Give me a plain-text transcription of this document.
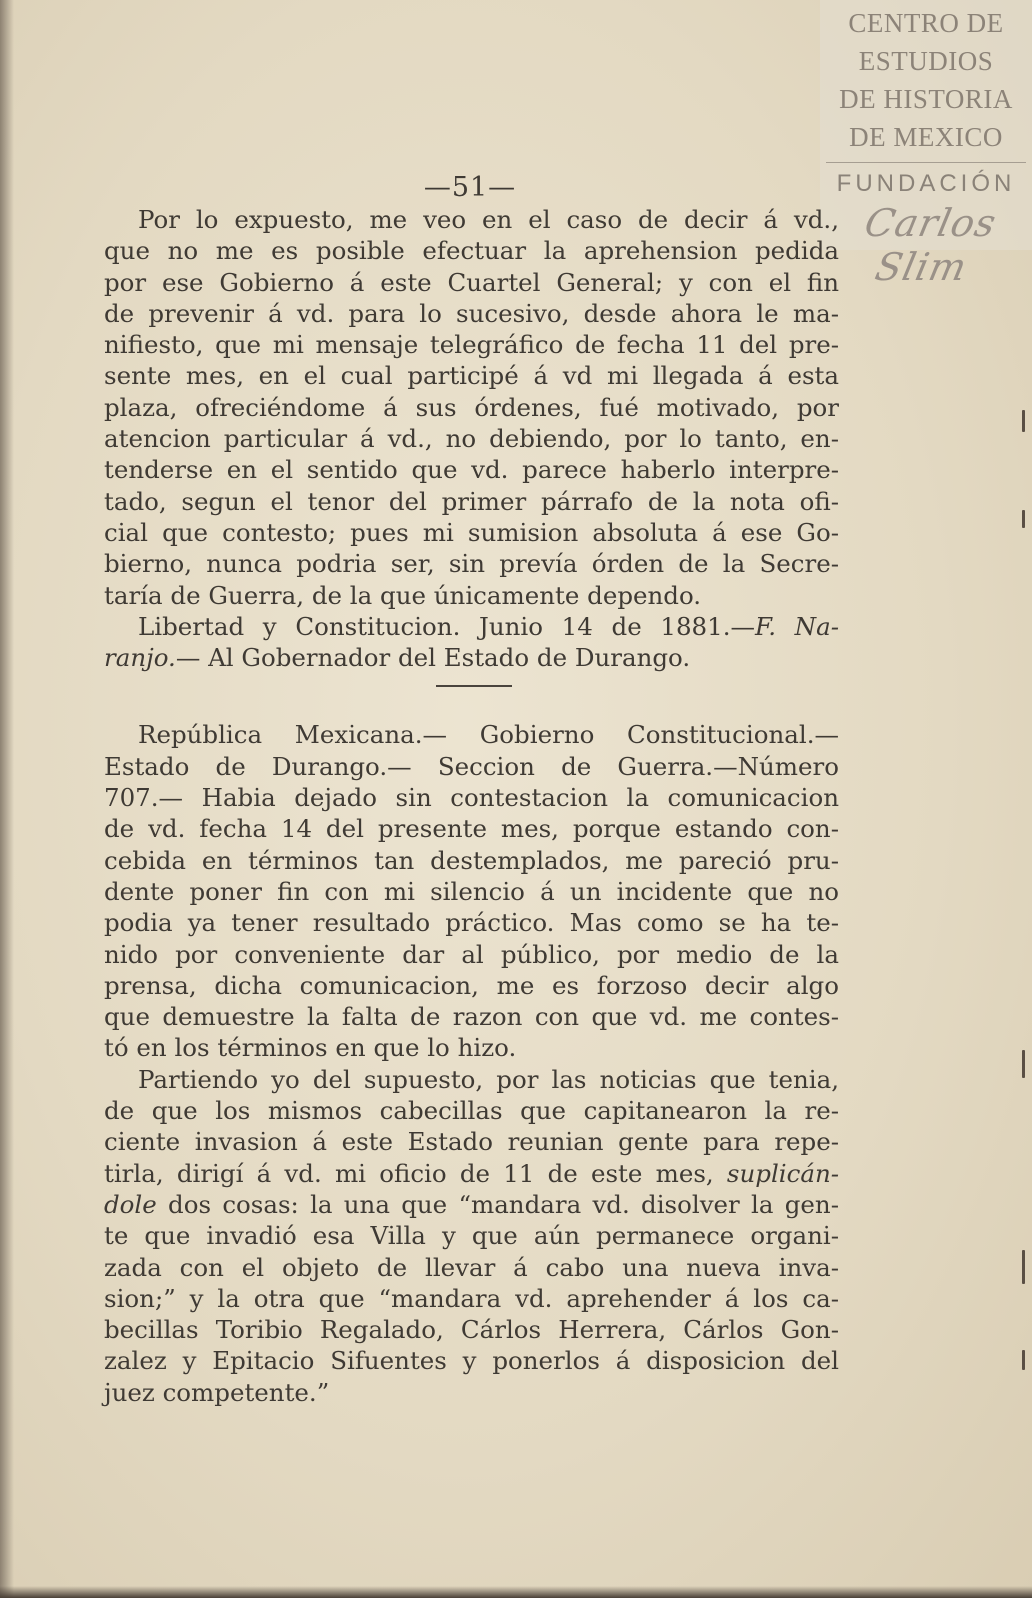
CENTRO DE
ESTUDIOS
DE HISTORIA
DE MEXICO
FUNDACIÓN
Carlos Slim
—51—
Por lo expuesto, me veo en el caso de decir á vd.,
que no me es posible efectuar la aprehension pedida
por ese Gobierno á este Cuartel General; y con el fin
de prevenir á vd. para lo sucesivo, desde ahora le ma-
nifiesto, que mi mensaje telegráfico de fecha 11 del pre-
sente mes, en el cual participé á vd mi llegada á esta
plaza, ofreciéndome á sus órdenes, fué motivado, por
atencion particular á vd., no debiendo, por lo tanto, en-
tenderse en el sentido que vd. parece haberlo interpre-
tado, segun el tenor del primer párrafo de la nota ofi-
cial que contesto; pues mi sumision absoluta á ese Go-
bierno, nunca podria ser, sin prevía órden de la Secre-
taría de Guerra, de la que únicamente dependo.
Libertad y Constitucion. Junio 14 de 1881.—F. Na-
ranjo.— Al Gobernador del Estado de Durango.
República Mexicana.— Gobierno Constitucional.—
Estado de Durango.— Seccion de Guerra.—Número
707.— Habia dejado sin contestacion la comunicacion
de vd. fecha 14 del presente mes, porque estando con-
cebida en términos tan destemplados, me pareció pru-
dente poner fin con mi silencio á un incidente que no
podia ya tener resultado práctico. Mas como se ha te-
nido por conveniente dar al público, por medio de la
prensa, dicha comunicacion, me es forzoso decir algo
que demuestre la falta de razon con que vd. me contes-
tó en los términos en que lo hizo.
Partiendo yo del supuesto, por las noticias que tenia,
de que los mismos cabecillas que capitanearon la re-
ciente invasion á este Estado reunian gente para repe-
tirla, dirigí á vd. mi oficio de 11 de este mes, suplicán-
dole dos cosas: la una que “mandara vd. disolver la gen-
te que invadió esa Villa y que aún permanece organi-
zada con el objeto de llevar á cabo una nueva inva-
sion;” y la otra que “mandara vd. aprehender á los ca-
becillas Toribio Regalado, Cárlos Herrera, Cárlos Gon-
zalez y Epitacio Sifuentes y ponerlos á disposicion del
juez competente.”
